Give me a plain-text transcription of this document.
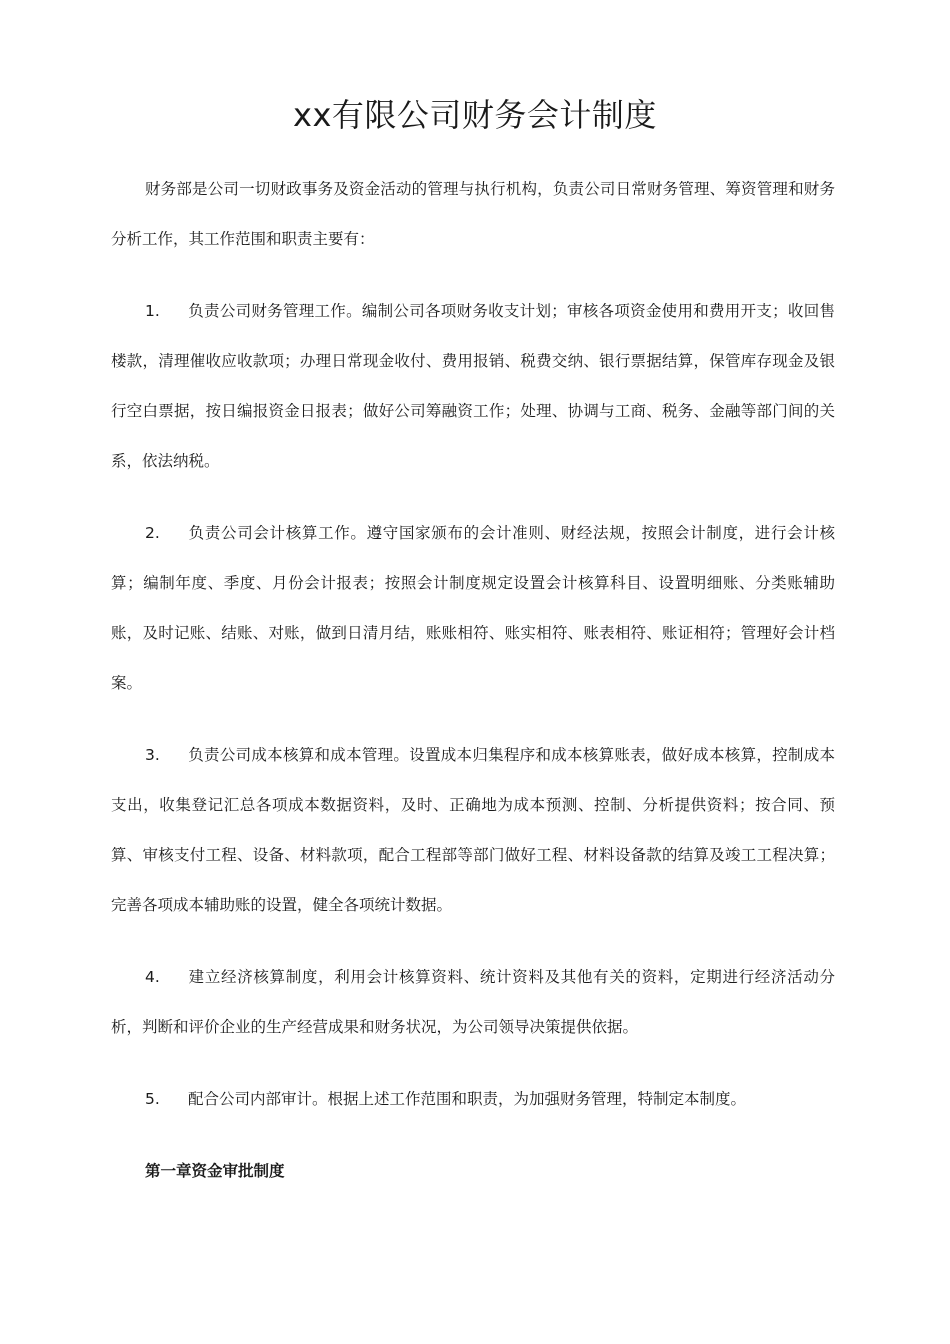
xx有限公司财务会计制度

财务部是公司一切财政事务及资金活动的管理与执行机构，负责公司日常财务管理、筹资管理和财务分析工作，其工作范围和职责主要有：

1. 负责公司财务管理工作。编制公司各项财务收支计划；审核各项资金使用和费用开支；收回售楼款，清理催收应收款项；办理日常现金收付、费用报销、税费交纳、银行票据结算，保管库存现金及银行空白票据，按日编报资金日报表；做好公司筹融资工作；处理、协调与工商、税务、金融等部门间的关系，依法纳税。

2. 负责公司会计核算工作。遵守国家颁布的会计准则、财经法规，按照会计制度，进行会计核算；编制年度、季度、月份会计报表；按照会计制度规定设置会计核算科目、设置明细账、分类账辅助账，及时记账、结账、对账，做到日清月结，账账相符、账实相符、账表相符、账证相符；管理好会计档案。

3. 负责公司成本核算和成本管理。设置成本归集程序和成本核算账表，做好成本核算，控制成本支出，收集登记汇总各项成本数据资料，及时、正确地为成本预测、控制、分析提供资料；按合同、预算、审核支付工程、设备、材料款项，配合工程部等部门做好工程、材料设备款的结算及竣工工程决算；完善各项成本辅助账的设置，健全各项统计数据。

4. 建立经济核算制度，利用会计核算资料、统计资料及其他有关的资料，定期进行经济活动分析，判断和评价企业的生产经营成果和财务状况，为公司领导决策提供依据。

5. 配合公司内部审计。根据上述工作范围和职责，为加强财务管理，特制定本制度。

第一章资金审批制度
